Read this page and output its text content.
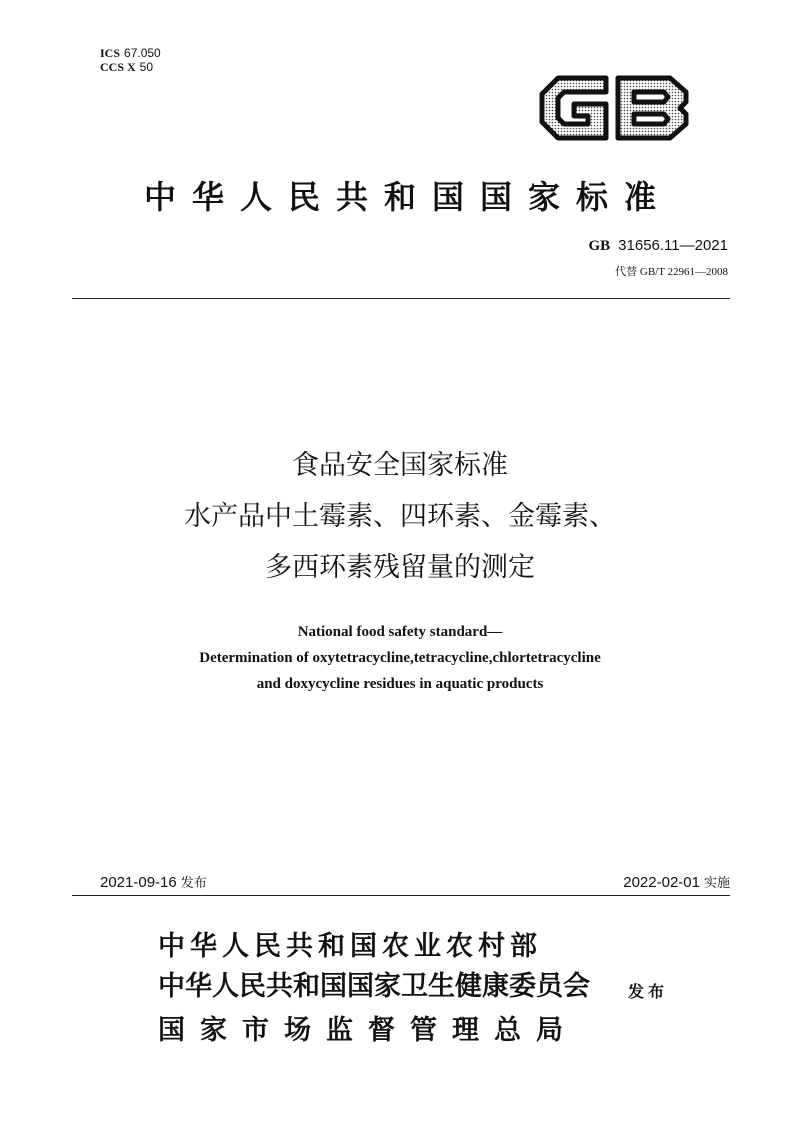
ICS 67.050
CCS X 50
中华人民共和国国家标准
GB 31656.11—2021
代替 GB/T 22961—2008
食品安全国家标准
水产品中土霉素、四环素、金霉素、
多西环素残留量的测定
National food safety standard—
Determination of oxytetracycline,tetracycline,chlortetracycline
and doxycycline residues in aquatic products
2021-09-16 发布	2022-02-01 实施
中华人民共和国农业农村部
中华人民共和国国家卫生健康委员会
国家市场监督管理总局
发布
